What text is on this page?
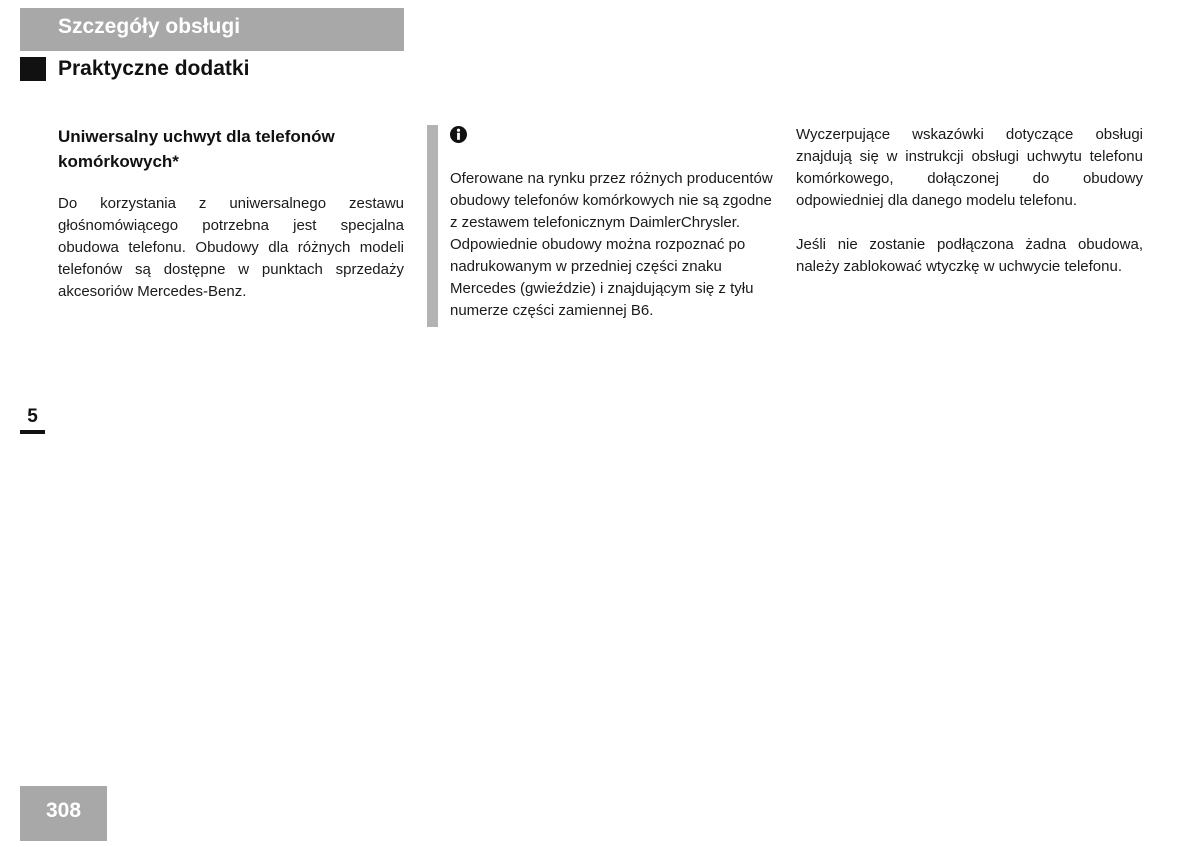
Szczegóły obsługi
Praktyczne dodatki

Uniwersalny uchwyt dla telefonów komórkowych*

Do korzystania z uniwersalnego zestawu głośnomówiącego potrzebna jest specjalna obudowa telefonu. Obudowy dla różnych modeli telefonów są dostępne w punktach sprzedaży akcesoriów Mercedes-Benz.

Oferowane na rynku przez różnych producentów obudowy telefonów komórkowych nie są zgodne z zestawem telefonicznym DaimlerChrysler. Odpowiednie obudowy można rozpoznać po nadrukowanym w przedniej części znaku Mercedes (gwieździe) i znajdującym się z tyłu numerze części zamiennej B6.

Wyczerpujące wskazówki dotyczące obsługi znajdują się w instrukcji obsługi uchwytu telefonu komórkowego, dołączonej do obudowy odpowiedniej dla danego modelu telefonu.

Jeśli nie zostanie podłączona żadna obudowa, należy zablokować wtyczkę w uchwycie telefonu.

5
308
